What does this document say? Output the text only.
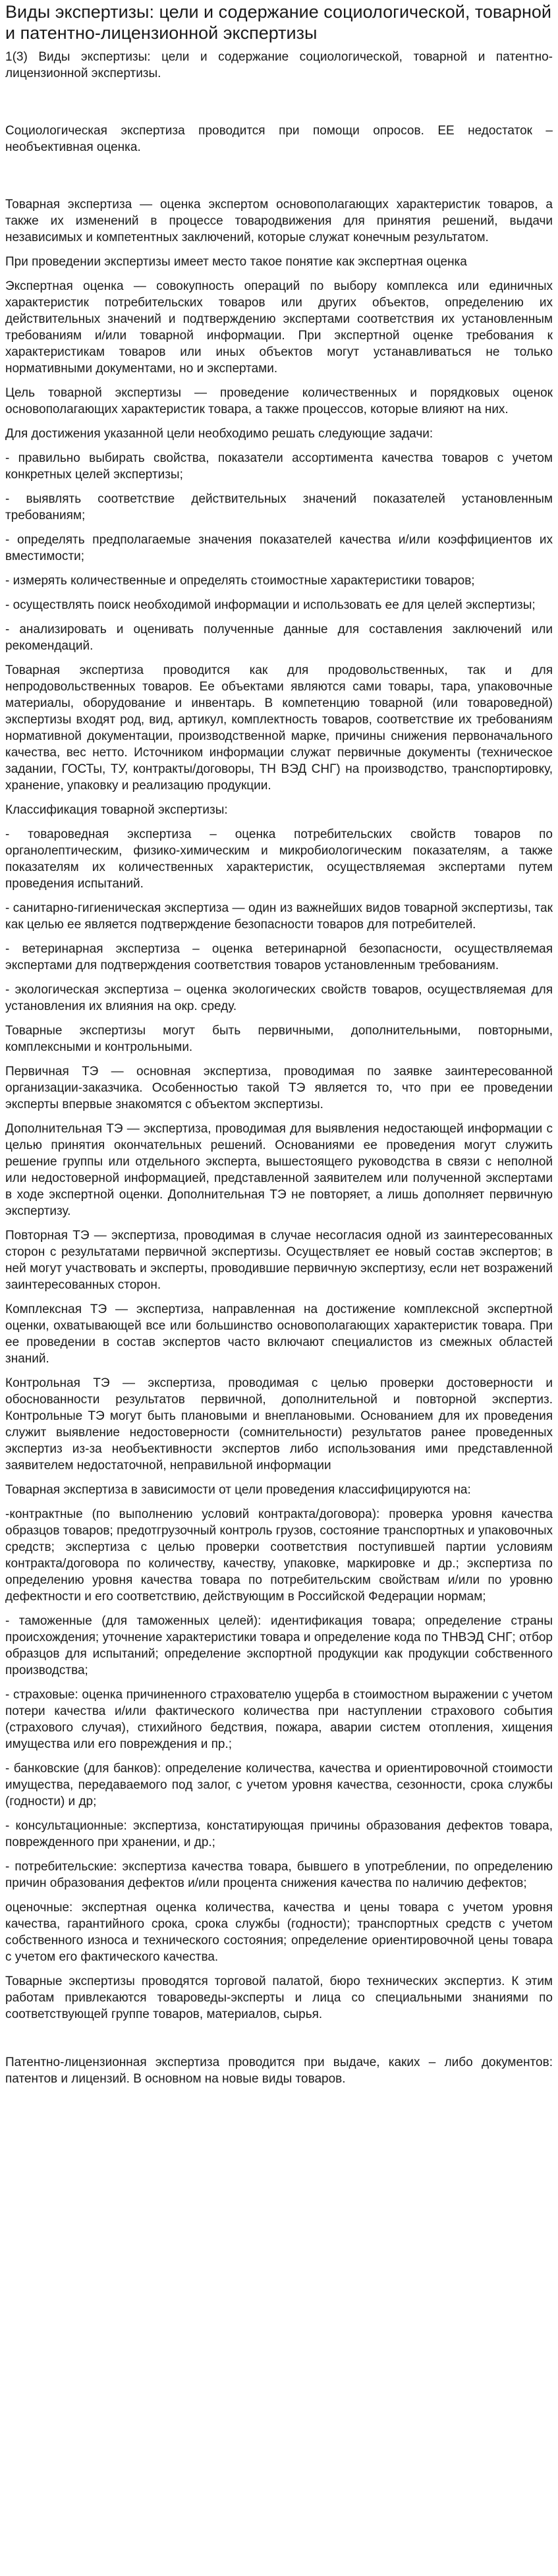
Виды экспертизы: цели и содержание социологической, товарной и патентно-лицензионной экспертизы

1(3) Виды экспертизы: цели и содержание социологической, товарной и патентно-лицензионной экспертизы.

Социологическая экспертиза проводится при помощи опросов. ЕЕ недостаток – необъективная оценка.

Товарная экспертиза — оценка экспертом основополагающих характеристик товаров, а также их изменений в процессе товародвижения для принятия решений, выдачи независимых и компетентных заключений, которые служат конечным результатом.

При проведении экспертизы имеет место такое понятие как экспертная оценка

Экспертная оценка — совокупность операций по выбору комплекса или единичных характеристик потребительских товаров или других объектов, определению их действительных значений и подтверждению экспертами соответствия их установленным требованиям и/или товарной информации. При экспертной оценке требования к характеристикам товаров или иных объектов могут устанавливаться не только нормативными документами, но и экспертами.

Цель товарной экспертизы — проведение количественных и порядковых оценок основополагающих характеристик товара, а также процессов, которые влияют на них.

Для достижения указанной цели необходимо решать следующие задачи:

- правильно выбирать свойства, показатели ассортимента качества товаров с учетом конкретных целей экспертизы;

- выявлять соответствие действительных значений показателей установленным требованиям;

- определять предполагаемые значения показателей качества и/или коэффициентов их вместимости;

- измерять количественные и определять стоимостные характеристики товаров;

- осуществлять поиск необходимой информации и использовать ее для целей экспертизы;

- анализировать и оценивать полученные данные для составления заключений или рекомендаций.

Товарная экспертиза проводится как для продовольственных, так и для непродовольственных товаров. Ее объектами являются сами товары, тара, упаковочные материалы, оборудование и инвентарь. В компетенцию товарной (или товароведной) экспертизы входят род, вид, артикул, комплектность товаров, соответствие их требованиям нормативной документации, производственной марке, причины снижения первоначального качества, вес нетто. Источником информации служат первичные документы (техническое задании, ГОСТы, ТУ, контракты/договоры, ТН ВЭД СНГ) на производство, транспортировку, хранение, упаковку и реализацию продукции.

Классификация товарной экспертизы:

- товароведная экспертиза – оценка потребительских свойств товаров по органолептическим, физико-химическим и микробиологическим показателям, а также показателям их количественных характеристик, осуществляемая экспертами путем проведения испытаний.

- санитарно-гигиеническая экспертиза — один из важнейших видов товарной экспертизы, так как целью ее является подтверждение безопасности товаров для потребителей.

- ветеринарная экспертиза – оценка ветеринарной безопасности, осуществляемая экспертами для подтверждения соответствия товаров установленным требованиям.

- экологическая экспертиза – оценка экологических свойств товаров, осуществляемая для установления их влияния на окр. среду.

Товарные экспертизы могут быть первичными, дополнительными, повторными, комплексными и контрольными.

Первичная ТЭ — основная экспертиза, проводимая по заявке заинтересованной организации-заказчика. Особенностью такой ТЭ является то, что при ее проведении эксперты впервые знакомятся с объектом экспертизы.

Дополнительная ТЭ — экспертиза, проводимая для выявления недостающей информации с целью принятия окончательных решений. Основаниями ее проведения могут служить решение группы или отдельного эксперта, вышестоящего руководства в связи с неполной или недостоверной информацией, представленной заявителем или полученной экспертами в ходе экспертной оценки. Дополнительная ТЭ не повторяет, а лишь дополняет первичную экспертизу.

Повторная ТЭ — экспертиза, проводимая в случае несогласия одной из заинтересованных сторон с результатами первичной экспертизы. Осуществляет ее новый состав экспертов; в ней могут участвовать и эксперты, проводившие первичную экспертизу, если нет возражений заинтересованных сторон.

Комплексная ТЭ — экспертиза, направленная на достижение комплексной экспертной оценки, охватывающей все или большинство основополагающих характеристик товара. При ее проведении в состав экспертов часто включают специалистов из смежных областей знаний.

Контрольная ТЭ — экспертиза, проводимая с целью проверки достоверности и обоснованности результатов первичной, дополнительной и повторной экспертиз. Контрольные ТЭ могут быть плановыми и внеплановыми. Основанием для их проведения служит выявление недостоверности (сомнительности) результатов ранее проведенных экспертиз из-за необъективности экспертов либо использования ими представленной заявителем недостаточной, неправильной информации

Товарная экспертиза в зависимости от цели проведения классифицируются на:

-контрактные (по выполнению условий контракта/договора): проверка уровня качества образцов товаров; предотгрузочный контроль грузов, состояние транспортных и упаковочных средств; экспертиза с целью проверки соответствия поступившей партии условиям контракта/договора по количеству, качеству, упаковке, маркировке и др.; экспертиза по определению уровня качества товара по потребительским свойствам и/или по уровню дефектности и его соответствию, действующим в Российской Федерации нормам;

- таможенные (для таможенных целей): идентификация товара; определение страны происхождения; уточнение характеристики товара и определение кода по ТНВЭД СНГ; отбор образцов для испытаний; определение экспортной продукции как продукции собственного производства;

- страховые: оценка причиненного страхователю ущерба в стоимостном выражении с учетом потери качества и/или фактического количества при наступлении страхового события (страхового случая), стихийного бедствия, пожара, аварии систем отопления, хищения имущества или его повреждения и пр.;

- банковские (для банков): определение количества, качества и ориентировочной стоимости имущества, передаваемого под залог, с учетом уровня качества, сезонности, срока службы (годности) и др;

- консультационные: экспертиза, констатирующая причины образования дефектов товара, поврежденного при хранении, и др.;

- потребительские: экспертиза качества товара, бывшего в употреблении, по определению причин образования дефектов и/или процента снижения качества по наличию дефектов;

оценочные: экспертная оценка количества, качества и цены товара с учетом уровня качества, гарантийного срока, срока службы (годности); транспортных средств с учетом собственного износа и технического состояния; определение ориентировочной цены товара с учетом его фактического качества.

Товарные экспертизы проводятся торговой палатой, бюро технических экспертиз. К этим работам привлекаются товароведы-эксперты и лица со специальными знаниями по соответствующей группе товаров, материалов, сырья.

Патентно-лицензионная экспертиза проводится при выдаче, каких – либо документов: патентов и лицензий. В основном на новые виды товаров.
